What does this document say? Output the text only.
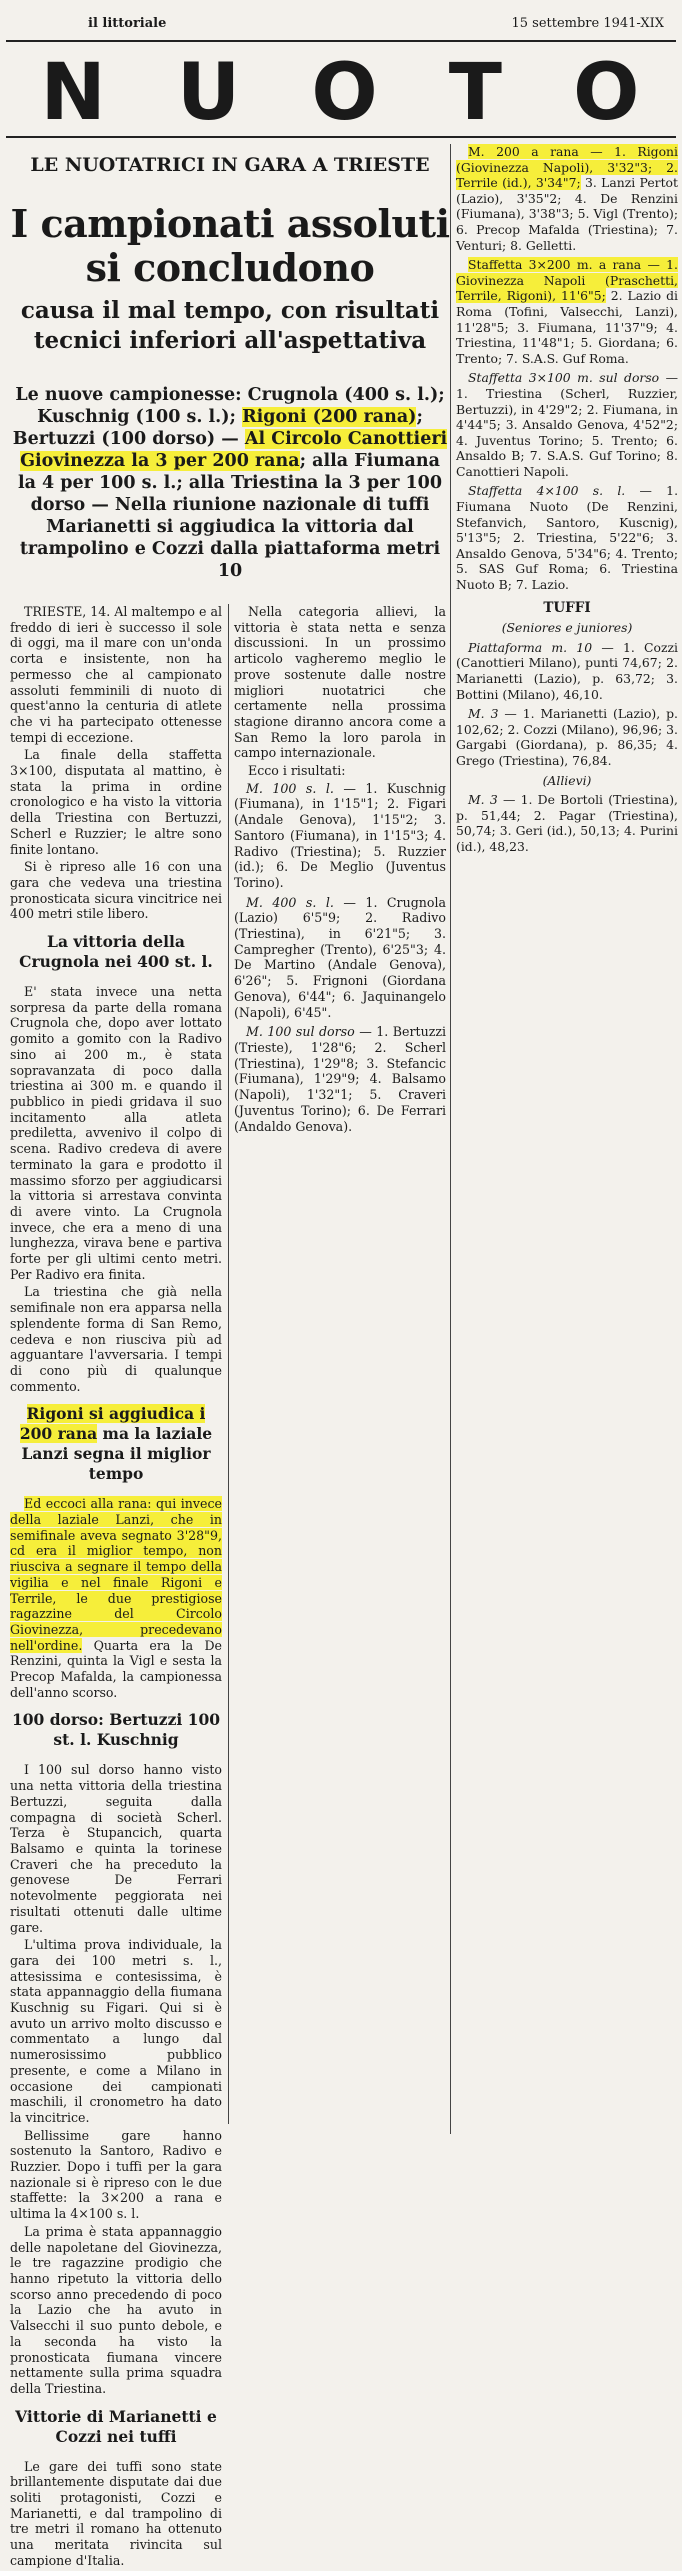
il littoriale	15 settembre 1941-XIX
N U O T O
LE NUOTATRICI IN GARA A TRIESTE
I campionati assoluti si concludono
causa il mal tempo, con risultati tecnici inferiori all'aspettativa
Le nuove campionesse: Crugnola (400 s. l.); Kuschnig (100 s. l.); Rigoni (200 rana); Bertuzzi (100 dorso) — Al Circolo Canottieri Giovinezza la 3 per 200 rana; alla Fiumana la 4 per 100 s. l.; alla Triestina la 3 per 100 dorso — Nella riunione nazionale di tuffi Marianetti si aggiudica la vittoria dal trampolino e Cozzi dalla piattaforma metri 10

TRIESTE, 14. Al maltempo e al freddo di ieri è successo il sole di oggi, ma il mare con un'onda corta e insistente, non ha permesso che al campionato assoluti femminili di nuoto di quest'anno la centuria di atlete che vi ha partecipato ottenesse tempi di eccezione.

La finale della staffetta 3×100, disputata al mattino, è stata la prima in ordine cronologico e ha visto la vittoria della Triestina con Bertuzzi, Scherl e Ruzzier; le altre sono finite lontano.

Si è ripreso alle 16 con una gara che vedeva una triestina pronosticata sicura vincitrice nei 400 metri stile libero.

La vittoria della Crugnola nei 400 st. l.

E' stata invece una netta sorpresa da parte della romana Crugnola che, dopo aver lottato gomito a gomito con la Radivo sino ai 200 m., è stata sopravanzata di poco dalla triestina ai 300 m. e quando il pubblico in piedi gridava il suo incitamento alla atleta prediletta, avvenivo il colpo di scena. Radivo credeva di avere terminato la gara e prodotto il massimo sforzo per aggiudicarsi la vittoria si arrestava convinta di avere vinto. La Crugnola invece, che era a meno di una lunghezza, virava bene e partiva forte per gli ultimi cento metri. Per Radivo era finita.

La triestina che già nella semifinale non era apparsa nella splendente forma di San Remo, cedeva e non riusciva più ad agguantare l'avversaria. I tempi di cono più di qualunque commento.

Rigoni si aggiudica i 200 rana ma la laziale Lanzi segna il miglior tempo

Ed eccoci alla rana: qui invece della laziale Lanzi, che in semifinale aveva segnato 3'28"9, cd era il miglior tempo, non riusciva a segnare il tempo della vigilia e nel finale Rigoni e Terrile, le due prestigiose ragazzine del Circolo Giovinezza, precedevano nell'ordine. Quarta era la De Renzini, quinta la Vigl e sesta la Precop Mafalda, la campionessa dell'anno scorso.

100 dorso: Bertuzzi 100 st. l. Kuschnig

I 100 sul dorso hanno visto una netta vittoria della triestina Bertuzzi, seguita dalla compagna di società Scherl. Terza è Stupancich, quarta Balsamo e quinta la torinese Craveri che ha preceduto la genovese De Ferrari notevolmente peggiorata nei risultati ottenuti dalle ultime gare.

L'ultima prova individuale, la gara dei 100 metri s. l., attesissima e contesissima, è stata appannaggio della fiumana Kuschnig su Figari. Qui si è avuto un arrivo molto discusso e commentato a lungo dal numerosissimo pubblico presente, e come a Milano in occasione dei campionati maschili, il cronometro ha dato la vincitrice.

Bellissime gare hanno sostenuto la Santoro, Radivo e Ruzzier. Dopo i tuffi per la gara nazionale si è ripreso con le due staffette: la 3×200 a rana e ultima la 4×100 s. l.

La prima è stata appannaggio delle napoletane del Giovinezza, le tre ragazzine prodigio che hanno ripetuto la vittoria dello scorso anno precedendo di poco la Lazio che ha avuto in Valsecchi il suo punto debole, e la seconda ha visto la pronosticata fiumana vincere nettamente sulla prima squadra della Triestina.

Vittorie di Marianetti e Cozzi nei tuffi

Le gare dei tuffi sono state brillantemente disputate dai due soliti protagonisti, Cozzi e Marianetti, e dal trampolino di tre metri il romano ha ottenuto una meritata rivincita sul campione d'Italia.

Nella categoria allievi, la vittoria è stata netta e senza discussioni. In un prossimo articolo vagheremo meglio le prove sostenute dalle nostre migliori nuotatrici che certamente nella prossima stagione diranno ancora come a San Remo la loro parola in campo internazionale.

Ecco i risultati:

M. 100 s. l. — 1. Kuschnig (Fiumana), in 1'15"1; 2. Figari (Andale Genova), 1'15"2; 3. Santoro (Fiumana), in 1'15"3; 4. Radivo (Triestina); 5. Ruzzier (id.); 6. De Meglio (Juventus Torino).

M. 400 s. l. — 1. Crugnola (Lazio) 6'5"9; 2. Radivo (Triestina), in 6'21"5; 3. Campregher (Trento), 6'25"3; 4. De Martino (Andale Genova), 6'26"; 5. Frignoni (Giordana Genova), 6'44"; 6. Jaquinangelo (Napoli), 6'45".

M. 100 sul dorso — 1. Bertuzzi (Trieste), 1'28"6; 2. Scherl (Triestina), 1'29"8; 3. Stefancic (Fiumana), 1'29"9; 4. Balsamo (Napoli), 1'32"1; 5. Craveri (Juventus Torino); 6. De Ferrari (Andaldo Genova).

M. 200 a rana — 1. Rigoni (Giovinezza Napoli), 3'32"3; 2. Terrile (id.), 3'34"7; 3. Lanzi Pertot (Lazio), 3'35"2; 4. De Renzini (Fiumana), 3'38"3; 5. Vigl (Trento); 6. Precop Mafalda (Triestina); 7. Venturi; 8. Gelletti.

Staffetta 3×200 m. a rana — 1. Giovinezza Napoli (Praschetti, Terrile, Rigoni), 11'6"5; 2. Lazio di Roma (Tofini, Valsecchi, Lanzi), 11'28"5; 3. Fiumana, 11'37"9; 4. Triestina, 11'48"1; 5. Giordana; 6. Trento; 7. S.A.S. Guf Roma.

Staffetta 3×100 m. sul dorso — 1. Triestina (Scherl, Ruzzier, Bertuzzi), in 4'29"2; 2. Fiumana, in 4'44"5; 3. Ansaldo Genova, 4'52"2; 4. Juventus Torino; 5. Trento; 6. Ansaldo B; 7. S.A.S. Guf Torino; 8. Canottieri Napoli.

Staffetta 4×100 s. l. — 1. Fiumana Nuoto (De Renzini, Stefanvich, Santoro, Kuscnig), 5'13"5; 2. Triestina, 5'22"6; 3. Ansaldo Genova, 5'34"6; 4. Trento; 5. SAS Guf Roma; 6. Triestina Nuoto B; 7. Lazio.

TUFFI
(Seniores e juniores)

Piattaforma m. 10 — 1. Cozzi (Canottieri Milano), punti 74,67; 2. Marianetti (Lazio), p. 63,72; 3. Bottini (Milano), 46,10.

M. 3 — 1. Marianetti (Lazio), p. 102,62; 2. Cozzi (Milano), 96,96; 3. Gargabi (Giordana), p. 86,35; 4. Grego (Triestina), 76,84.

(Allievi)

M. 3 — 1. De Bortoli (Triestina), p. 51,44; 2. Pagar (Triestina), 50,74; 3. Geri (id.), 50,13; 4. Purini (id.), 48,23.
